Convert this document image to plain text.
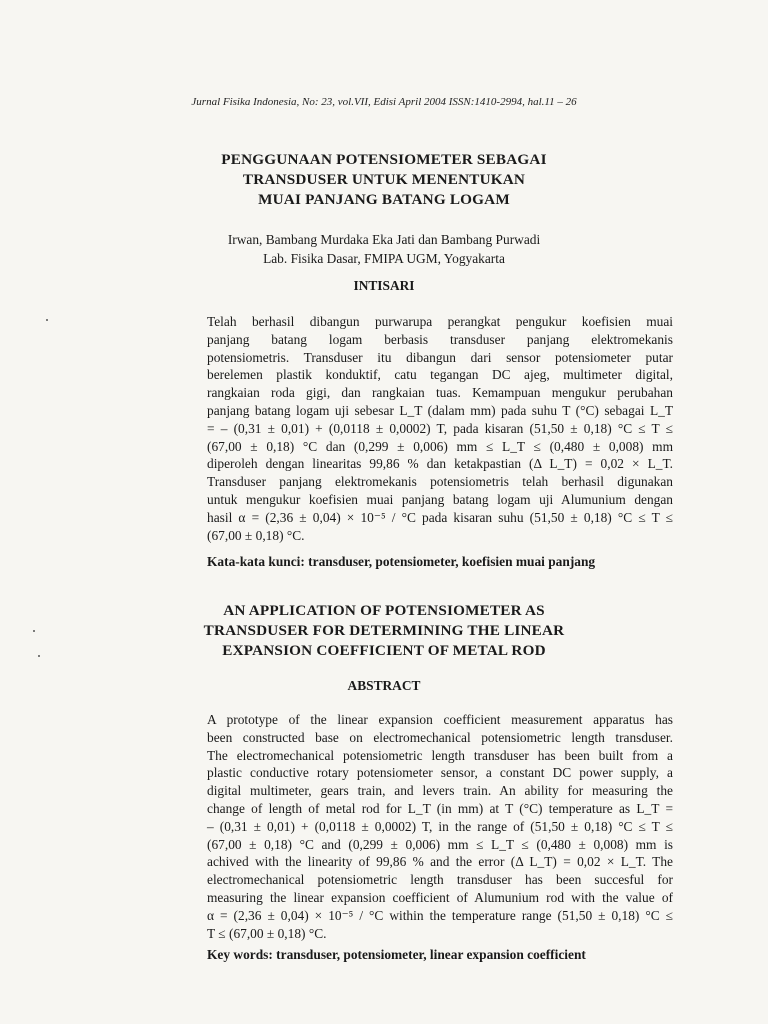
Jurnal Fisika Indonesia, No: 23, vol.VII, Edisi April 2004 ISSN:1410-2994, hal.11 – 26
PENGGUNAAN POTENSIOMETER SEBAGAI
TRANSDUSER UNTUK MENENTUKAN
MUAI PANJANG BATANG LOGAM
Irwan, Bambang Murdaka Eka Jati dan Bambang Purwadi
Lab. Fisika Dasar, FMIPA UGM, Yogyakarta
INTISARI
Telah berhasil dibangun purwarupa perangkat pengukur koefisien muai
panjang batang logam berbasis transduser panjang elektromekanis
potensiometris. Transduser itu dibangun dari sensor potensiometer putar
berelemen plastik konduktif, catu tegangan DC ajeg, multimeter digital,
rangkaian roda gigi, dan rangkaian tuas. Kemampuan mengukur perubahan
panjang batang logam uji sebesar L_T (dalam mm) pada suhu T (°C) sebagai L_T
= – (0,31 ± 0,01) + (0,0118 ± 0,0002) T, pada kisaran (51,50 ± 0,18) °C ≤ T ≤
(67,00 ± 0,18) °C dan (0,299 ± 0,006) mm ≤ L_T ≤ (0,480 ± 0,008) mm
diperoleh dengan linearitas 99,86 % dan ketakpastian (Δ L_T) = 0,02 × L_T.
Transduser panjang elektromekanis potensiometris telah berhasil digunakan
untuk mengukur koefisien muai panjang batang logam uji Alumunium dengan
hasil α = (2,36 ± 0,04) × 10⁻⁵ / °C pada kisaran suhu (51,50 ± 0,18) °C ≤ T ≤
(67,00 ± 0,18) °C.
Kata-kata kunci: transduser, potensiometer, koefisien muai panjang
AN APPLICATION OF POTENSIOMETER AS
TRANSDUSER FOR DETERMINING THE LINEAR
EXPANSION COEFFICIENT OF METAL ROD
ABSTRACT
A prototype of the linear expansion coefficient measurement apparatus has
been constructed base on electromechanical potensiometric length transduser.
The electromechanical potensiometric length transduser has been built from a
plastic conductive rotary potensiometer sensor, a constant DC power supply, a
digital multimeter, gears train, and levers train. An ability for measuring the
change of length of metal rod for L_T (in mm) at T (°C) temperature as L_T =
– (0,31 ± 0,01) + (0,0118 ± 0,0002) T, in the range of (51,50 ± 0,18) °C ≤ T ≤
(67,00 ± 0,18) °C and (0,299 ± 0,006) mm ≤ L_T ≤ (0,480 ± 0,008) mm is
achived with the linearity of 99,86 % and the error (Δ L_T) = 0,02 × L_T. The
electromechanical potensiometric length transduser has been succesful for
measuring the linear expansion coefficient of Alumunium rod with the value of
α = (2,36 ± 0,04) × 10⁻⁵ / °C within the temperature range (51,50 ± 0,18) °C ≤
T ≤ (67,00 ± 0,18) °C.
Key words: transduser, potensiometer, linear expansion coefficient
